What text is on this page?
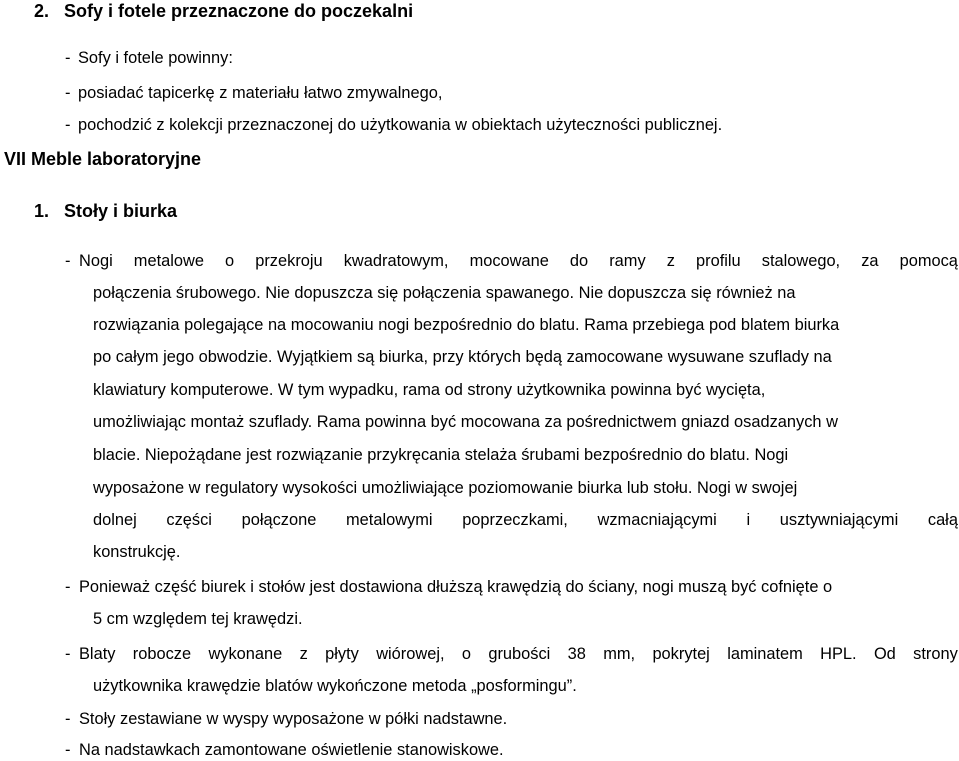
2. Sofy i fotele przeznaczone do poczekalni
- Sofy i fotele powinny:
- posiadać tapicerkę z materiału łatwo zmywalnego,
- pochodzić z kolekcji przeznaczonej do użytkowania w obiektach użyteczności publicznej.
VII Meble laboratoryjne
1. Stoły i biurka
- Nogi metalowe o przekroju kwadratowym, mocowane do ramy z profilu stalowego, za pomocą
połączenia śrubowego. Nie dopuszcza się połączenia spawanego. Nie dopuszcza się również na
rozwiązania polegające na mocowaniu nogi bezpośrednio do blatu. Rama przebiega pod blatem biurka
po całym jego obwodzie. Wyjątkiem są biurka, przy których będą zamocowane wysuwane szuflady na
klawiatury komputerowe. W tym wypadku, rama od strony użytkownika powinna być wycięta,
umożliwiając montaż szuflady. Rama powinna być mocowana za pośrednictwem gniazd osadzanych w
blacie. Niepożądane jest rozwiązanie przykręcania stelaża śrubami bezpośrednio do blatu. Nogi
wyposażone w regulatory wysokości umożliwiające poziomowanie biurka lub stołu. Nogi w swojej
dolnej części połączone metalowymi poprzeczkami, wzmacniającymi i usztywniającymi całą
konstrukcję.
- Ponieważ część biurek i stołów jest dostawiona dłuższą krawędzią do ściany, nogi muszą być cofnięte o
5 cm względem tej krawędzi.
- Blaty robocze wykonane z płyty wiórowej, o grubości 38 mm, pokrytej laminatem HPL. Od strony
użytkownika krawędzie blatów wykończone metoda „posformingu”.
- Stoły zestawiane w wyspy wyposażone w półki nadstawne.
- Na nadstawkach zamontowane oświetlenie stanowiskowe.
